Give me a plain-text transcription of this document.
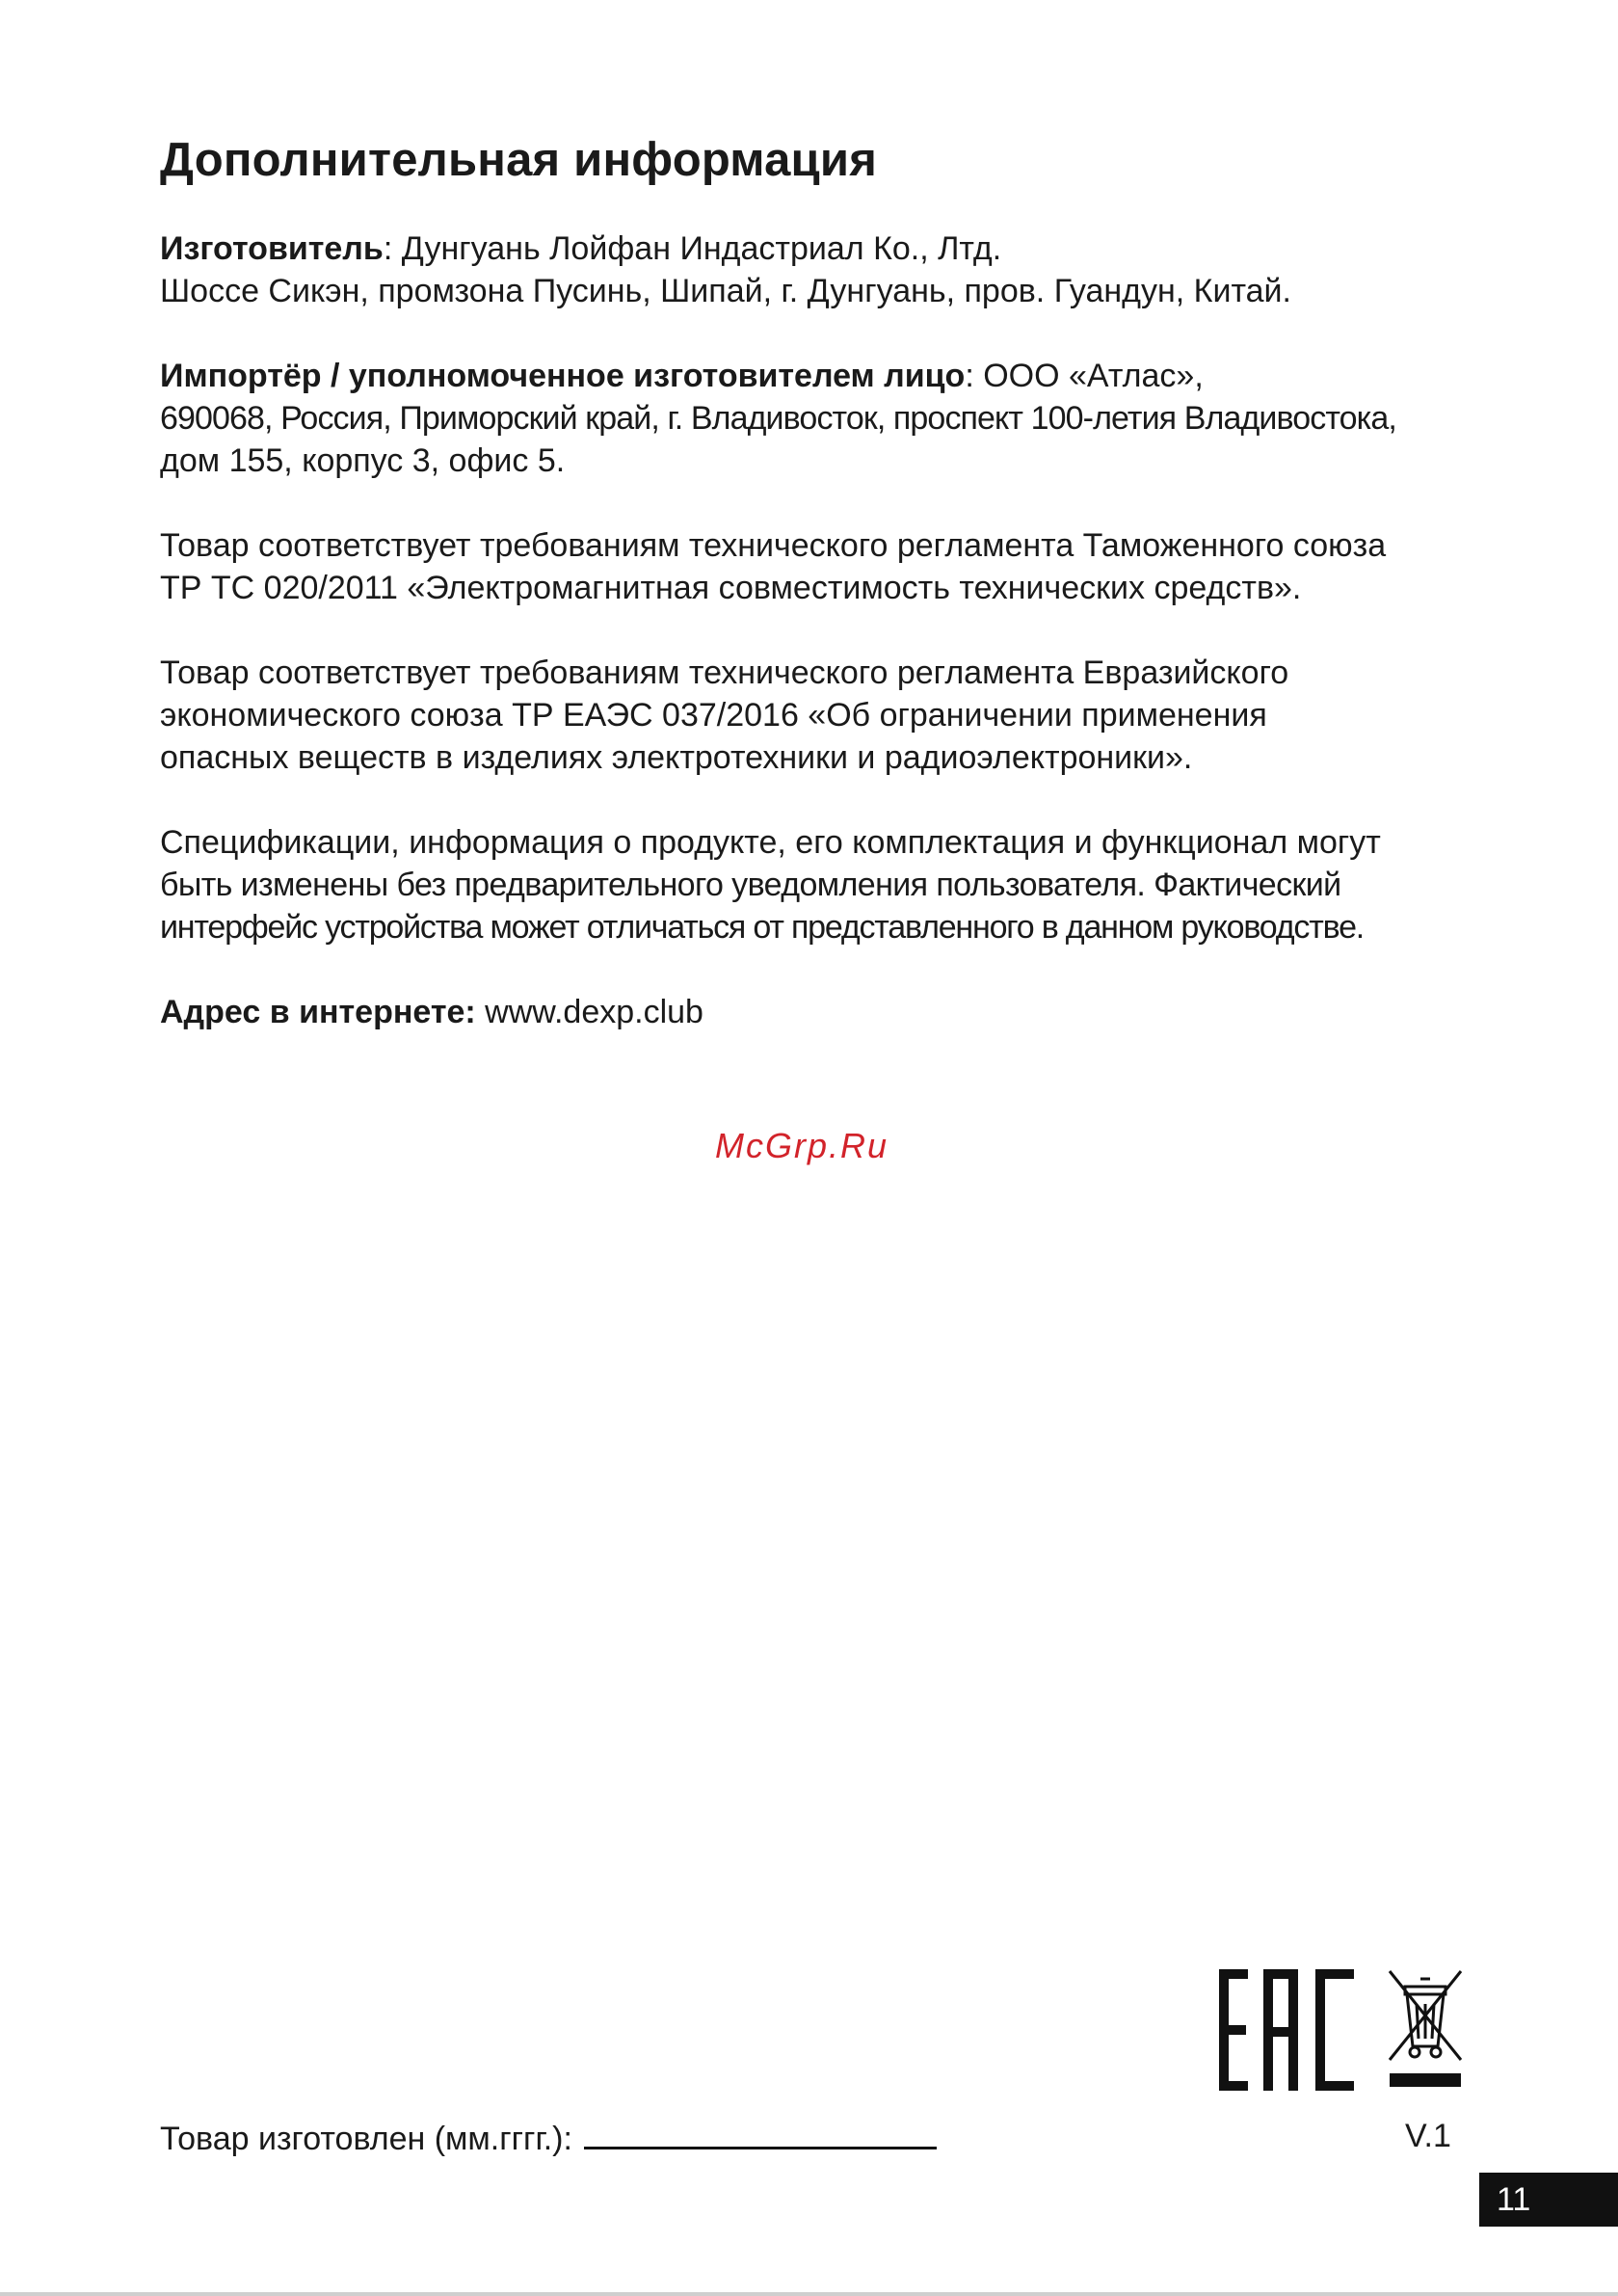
Дополнительная информация

Изготовитель: Дунгуань Лойфан Индастриал Ко., Лтд.

Шоссе Сикэн, промзона Пусинь, Шипай, г. Дунгуань, пров. Гуандун, Китай.

Импортёр / уполномоченное изготовителем лицо: ООО «Атлас»,

690068, Россия, Приморский край, г. Владивосток, проспект 100-летия Владивостока,

дом 155, корпус 3, офис 5.

Товар соответствует требованиям технического регламента Таможенного союза

ТР ТС 020/2011 «Электромагнитная совместимость технических средств».

Товар соответствует требованиям технического регламента Евразийского

экономического союза ТР ЕАЭС 037/2016 «Об ограничении применения

опасных веществ в изделиях электротехники и радиоэлектроники».

Спецификации, информация о продукте, его комплектация и функционал могут

быть изменены без предварительного уведомления пользователя. Фактический

интерфейс устройства может отличаться от представленного в данном руководстве.

Адрес в интернете: www.dexp.club

McGrp.Ru
Товар изготовлен (мм.гггг.):	V.1
11
